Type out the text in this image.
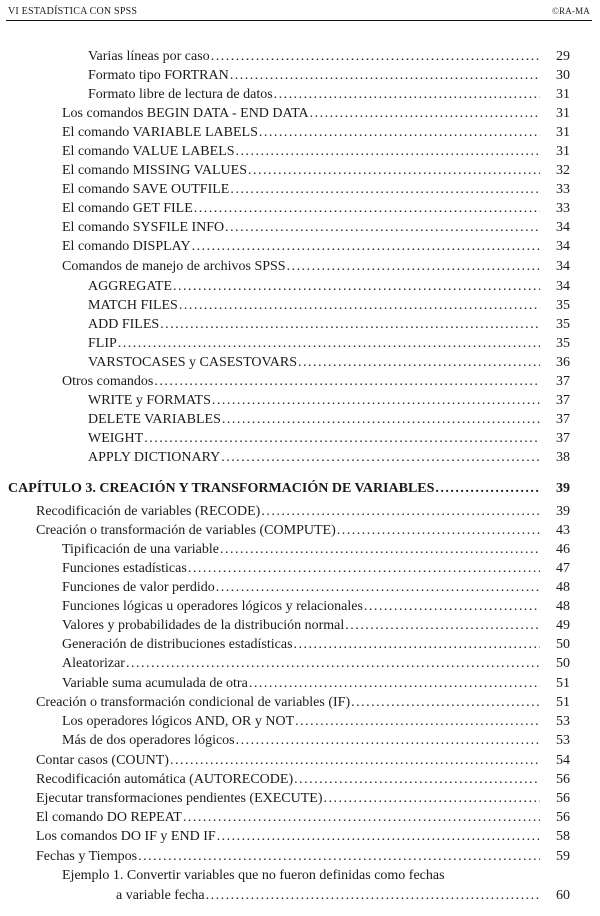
VI ESTADÍSTICA CON SPSS	©RA-MA
Varias líneas por caso .....	29
Formato tipo FORTRAN .....	30
Formato libre de lectura de datos .....	31
Los comandos BEGIN DATA - END DATA .....	31
El comando VARIABLE LABELS .....	31
El comando VALUE LABELS .....	31
El comando MISSING VALUES .....	32
El comando SAVE OUTFILE .....	33
El comando GET FILE .....	33
El comando SYSFILE INFO .....	34
El comando DISPLAY .....	34
Comandos de manejo de archivos SPSS .....	34
AGGREGATE .....	34
MATCH FILES .....	35
ADD FILES .....	35
FLIP .....	35
VARSTOCASES y CASESTOVARS .....	36
Otros comandos .....	37
WRITE y FORMATS .....	37
DELETE VARIABLES .....	37
WEIGHT .....	37
APPLY DICTIONARY .....	38
CAPÍTULO 3. CREACIÓN Y TRANSFORMACIÓN DE VARIABLES .....	39
Recodificación de variables (RECODE) .....	39
Creación o transformación de variables (COMPUTE) .....	43
Tipificación de una variable .....	46
Funciones estadísticas .....	47
Funciones de valor perdido .....	48
Funciones lógicas u operadores lógicos y relacionales .....	48
Valores y probabilidades de la distribución normal .....	49
Generación de distribuciones estadísticas .....	50
Aleatorizar .....	50
Variable suma acumulada de otra .....	51
Creación o transformación condicional de variables (IF) .....	51
Los operadores lógicos AND, OR y NOT .....	53
Más de dos operadores lógicos .....	53
Contar casos (COUNT) .....	54
Recodificación automática (AUTORECODE) .....	56
Ejecutar transformaciones pendientes (EXECUTE) .....	56
El comando DO REPEAT .....	56
Los comandos DO IF y END IF .....	58
Fechas y Tiempos .....	59
Ejemplo 1. Convertir variables que no fueron definidas como fechas
a variable fecha .....	60
